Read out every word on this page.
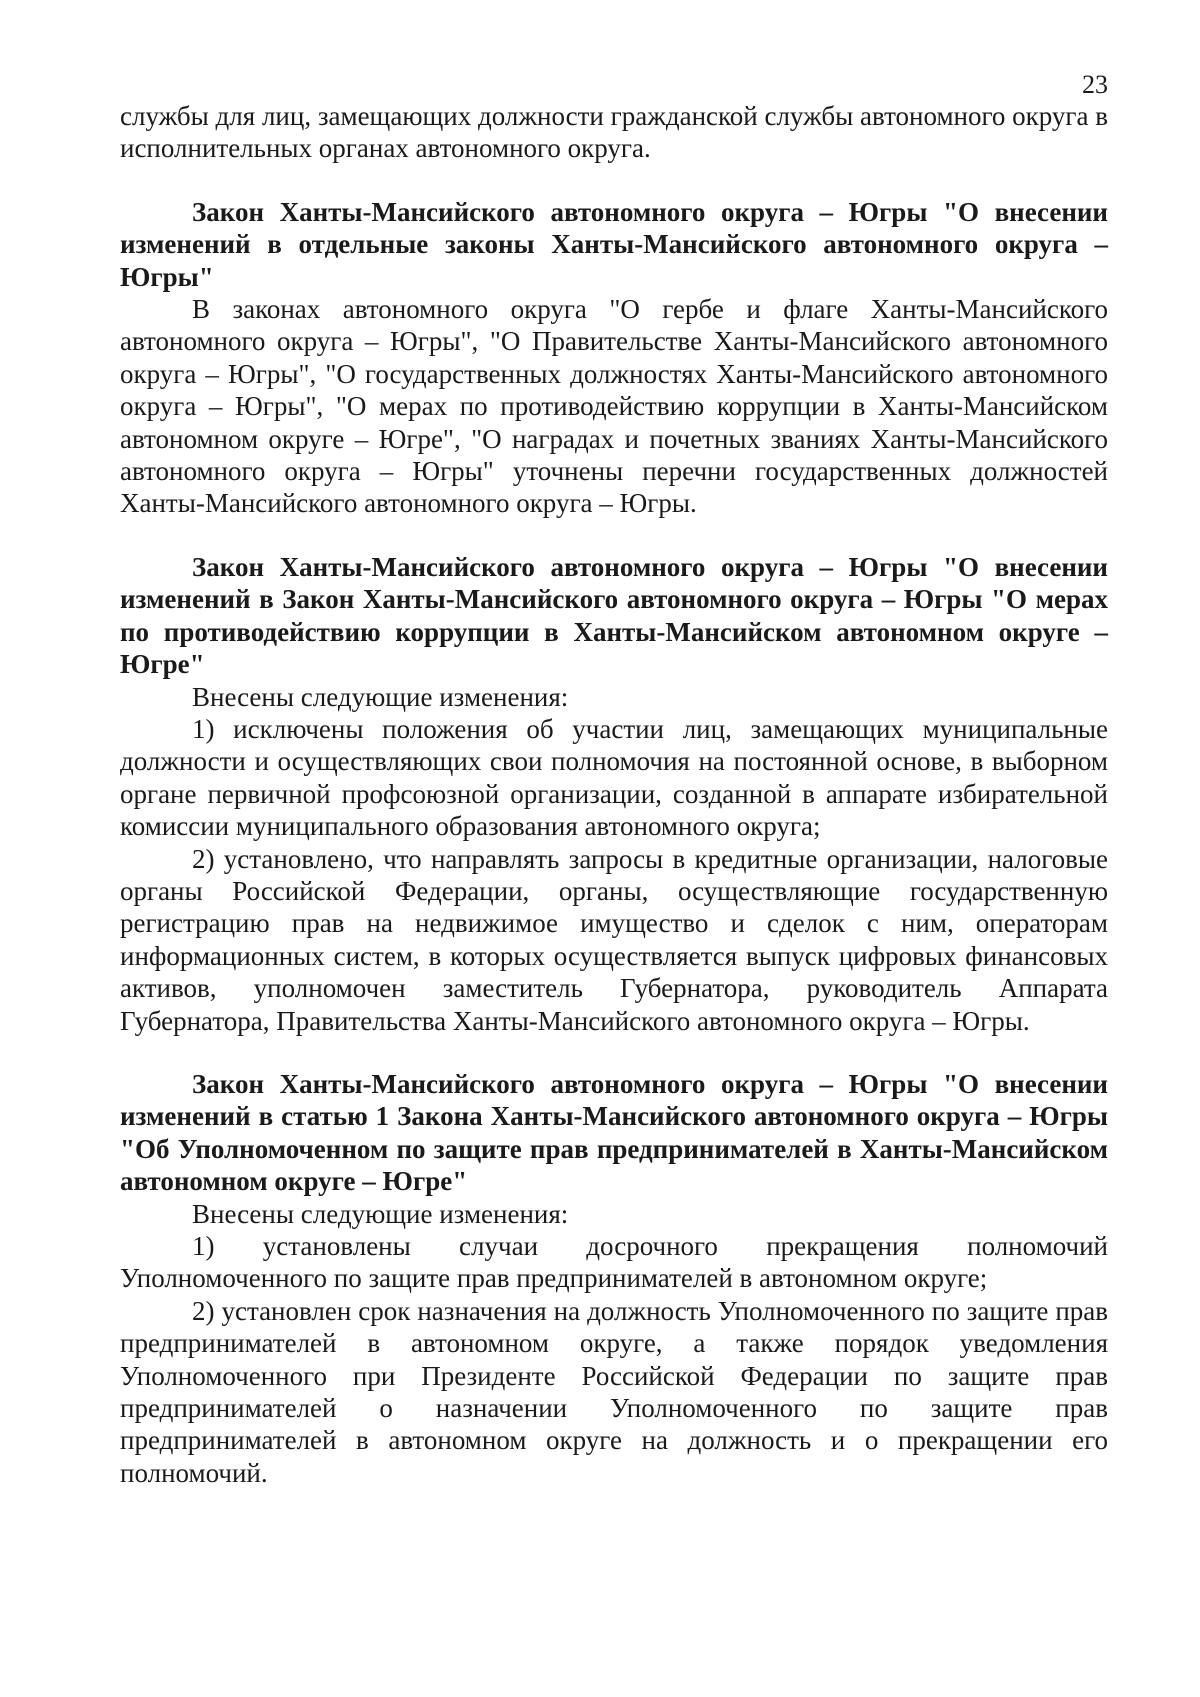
23

службы для лиц, замещающих должности гражданской службы автономного округа в исполнительных органах автономного округа.

Закон Ханты-Мансийского автономного округа – Югры "О внесении изменений в отдельные законы Ханты-Мансийского автономного округа – Югры"

В законах автономного округа "О гербе и флаге Ханты-Мансийского автономного округа – Югры", "О Правительстве Ханты-Мансийского автономного округа – Югры", "О государственных должностях Ханты-Мансийского автономного округа – Югры", "О мерах по противодействию коррупции в Ханты-Мансийском автономном округе – Югре", "О наградах и почетных званиях Ханты-Мансийского автономного округа – Югры" уточнены перечни государственных должностей Ханты-Мансийского автономного округа – Югры.

Закон Ханты-Мансийского автономного округа – Югры "О внесении изменений в Закон Ханты-Мансийского автономного округа – Югры "О мерах по противодействию коррупции в Ханты-Мансийском автономном округе – Югре"

Внесены следующие изменения:

1) исключены положения об участии лиц, замещающих муниципальные должности и осуществляющих свои полномочия на постоянной основе, в выборном органе первичной профсоюзной организации, созданной в аппарате избирательной комиссии муниципального образования автономного округа;

2) установлено, что направлять запросы в кредитные организации, налоговые органы Российской Федерации, органы, осуществляющие государственную регистрацию прав на недвижимое имущество и сделок с ним, операторам информационных систем, в которых осуществляется выпуск цифровых финансовых активов, уполномочен заместитель Губернатора, руководитель Аппарата Губернатора, Правительства Ханты-Мансийского автономного округа – Югры.

Закон Ханты-Мансийского автономного округа – Югры "О внесении изменений в статью 1 Закона Ханты-Мансийского автономного округа – Югры "Об Уполномоченном по защите прав предпринимателей в Ханты-Мансийском автономном округе – Югре"

Внесены следующие изменения:

1) установлены случаи досрочного прекращения полномочий Уполномоченного по защите прав предпринимателей в автономном округе;

2) установлен срок назначения на должность Уполномоченного по защите прав предпринимателей в автономном округе, а также порядок уведомления Уполномоченного при Президенте Российской Федерации по защите прав предпринимателей о назначении Уполномоченного по защите прав предпринимателей в автономном округе на должность и о прекращении его полномочий.
